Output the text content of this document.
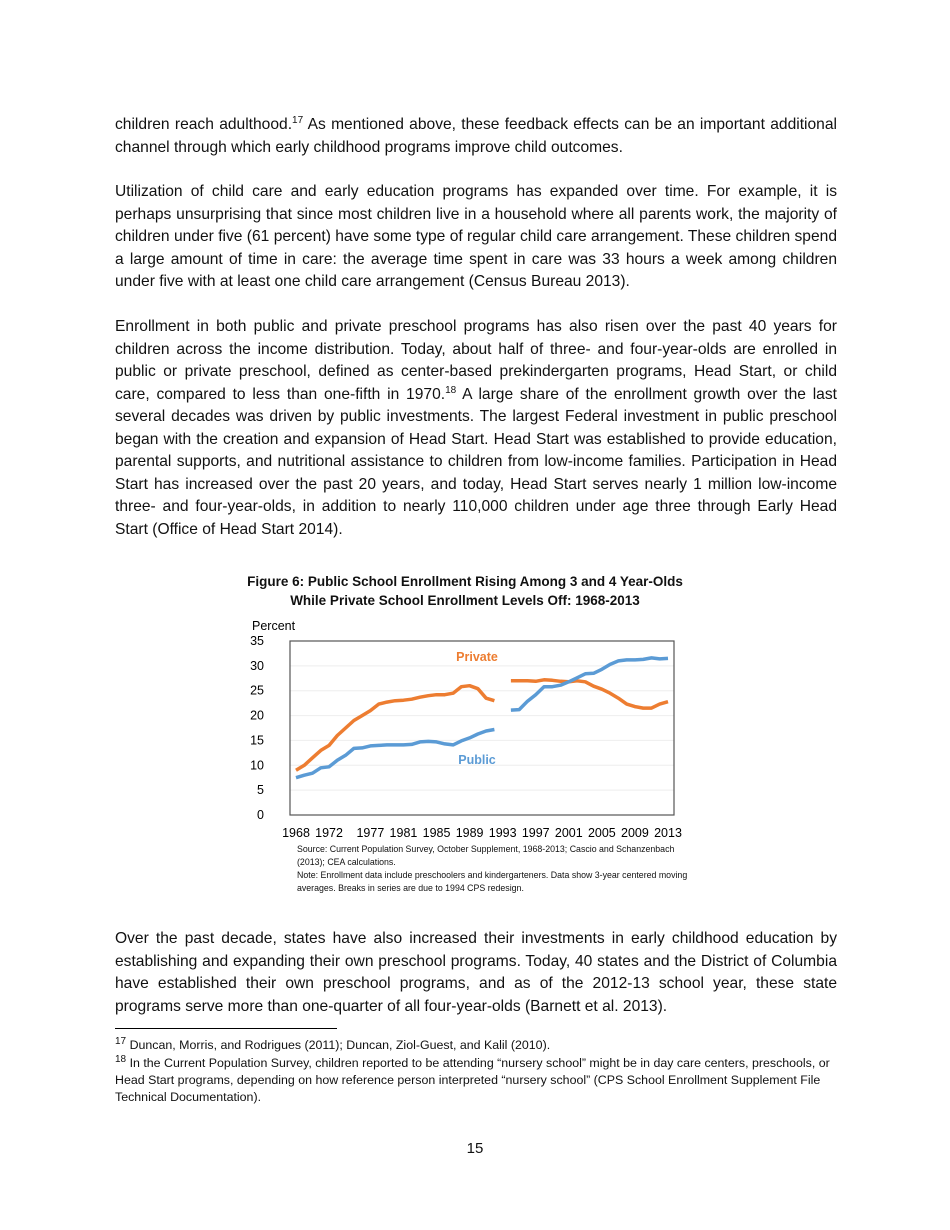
children reach adulthood.$^{17}$ As mentioned above, these feedback effects can be an important additional channel through which early childhood programs improve child outcomes.

Utilization of child care and early education programs has expanded over time. For example, it is perhaps unsurprising that since most children live in a household where all parents work, the majority of children under five (61 percent) have some type of regular child care arrangement. These children spend a large amount of time in care: the average time spent in care was 33 hours a week among children under five with at least one child care arrangement (Census Bureau 2013).

Enrollment in both public and private preschool programs has also risen over the past 40 years for children across the income distribution. Today, about half of three- and four-year-olds are enrolled in public or private preschool, defined as center-based prekindergarten programs, Head Start, or child care, compared to less than one-fifth in 1970.18 A large share of the enrollment growth over the last several decades was driven by public investments. The largest Federal investment in public preschool began with the creation and expansion of Head Start. Head Start was established to provide education, parental supports, and nutritional assistance to children from low-income families. Participation in Head Start has increased over the past 20 years, and today, Head Start serves nearly 1 million low-income three- and four-year-olds, in addition to nearly 110,000 children under age three through Early Head Start (Office of Head Start 2014).

Figure 6: Public School Enrollment Rising Among 3 and 4 Year-Olds While Private School Enrollment Levels Off: 1968-2013
Percent
0
5
10
15
20
25
30
35
1968 1972 1977 1981 1985 1989 1993 1997 2001 2005 2009 2013
Private
Public
Source: Current Population Survey, October Supplement, 1968-2013; Cascio and Schanzenbach (2013); CEA calculations.
Note: Enrollment data include preschoolers and kindergarteners. Data show 3-year centered moving averages. Breaks in series are due to 1994 CPS redesign.

Over the past decade, states have also increased their investments in early childhood education by establishing and expanding their own preschool programs. Today, 40 states and the District of Columbia have established their own preschool programs, and as of the 2012-13 school year, these state programs serve more than one-quarter of all four-year-olds (Barnett et al. 2013).

$^{17}$ Duncan, Morris, and Rodrigues (2011); Duncan, Ziol-Guest, and Kalil (2010).

$^{18}$ In the Current Population Survey, children reported to be attending “nursery school” might be in day care centers, preschools, or Head Start programs, depending on how reference person interpreted “nursery school” (CPS School Enrollment Supplement File Technical Documentation).

15
